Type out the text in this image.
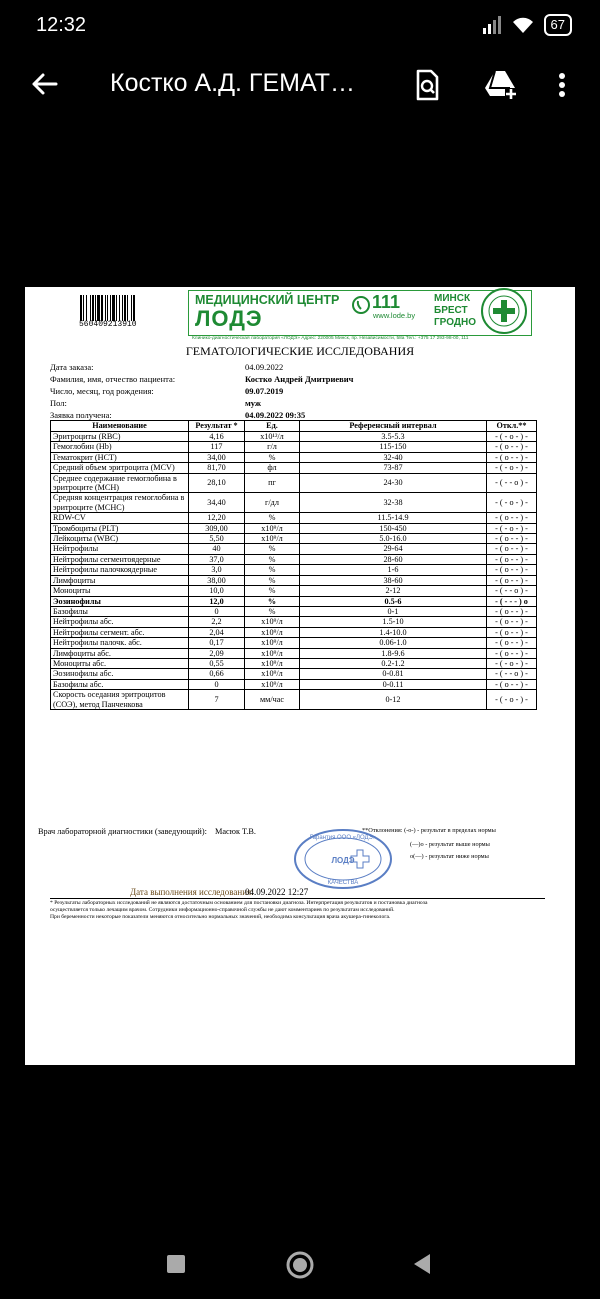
12:32	67
Костко А.Д. ГЕМАТ…
560409213910
МЕДИЦИНСКИЙ ЦЕНТР
ЛОДЭ
111
www.lode.by
МИНСК
БРЕСТ
ГРОДНО
Клинико-диагностическая лаборатория «ЛОДЭ» Адрес: 220005 Минск, пр. Независимости, 58а Тел.: +375 17 293-98-00, 111
ГЕМАТОЛОГИЧЕСКИЕ ИССЛЕДОВАНИЯ
Дата заказа:	04.09.2022
Фамилия, имя, отчество пациента:	Костко Андрей Дмитриевич
Число, месяц, год рождения:	09.07.2019
Пол:	муж
Заявка получена:	04.09.2022 09:35
Наименование	Результат *	Ед.	Референсный интервал	Откл.**
Эритроциты (RBC)	4,16	x10¹²/л	3.5-5.3	- ( - o - ) -
Гемоглобин (Hb)	117	г/л	115-150	- ( o - - ) -
Гематокрит (HCT)	34,00	%	32-40	- ( o - - ) -
Средний объем эритроцита (MCV)	81,70	фл	73-87	- ( - o - ) -
Среднее содержание гемоглобина в эритроците (MCH)	28,10	пг	24-30	- ( - - o ) -
Средняя концентрация гемоглобина в эритроците (MCHC)	34,40	г/дл	32-38	- ( - o - ) -
RDW-CV	12,20	%	11.5-14.9	- ( o - - ) -
Тромбоциты (PLT)	309,00	x10⁹/л	150-450	- ( - o - ) -
Лейкоциты (WBC)	5,50	x10⁹/л	5.0-16.0	- ( o - - ) -
Нейтрофилы	40	%	29-64	- ( o - - ) -
Нейтрофилы сегментоядерные	37,0	%	28-60	- ( o - - ) -
Нейтрофилы палочкоядерные	3,0	%	1-6	- ( o - - ) -
Лимфоциты	38,00	%	38-60	- ( o - - ) -
Моноциты	10,0	%	2-12	- ( - - o ) -
Эозинофилы	12,0	%	0.5-6	- ( - - - ) o
Базофилы	0	%	0-1	- ( o - - ) -
Нейтрофилы абс.	2,2	x10⁹/л	1.5-10	- ( o - - ) -
Нейтрофилы сегмент. абс.	2,04	x10⁹/л	1.4-10.0	- ( o - - ) -
Нейтрофилы палочк. абс.	0,17	x10⁹/л	0.06-1.0	- ( o - - ) -
Лимфоциты абс.	2,09	x10⁹/л	1.8-9.6	- ( o - - ) -
Моноциты абс.	0,55	x10⁹/л	0.2-1.2	- ( - o - ) -
Эозинофилы абс.	0,66	x10⁹/л	0-0.81	- ( - - o ) -
Базофилы абс.	0	x10⁹/л	0-0.11	- ( o - - ) -
Скорость оседания эритроцитов (СОЭ), метод Панченкова	7	мм/час	0-12	- ( - o - ) -
Врач лабораторной диагностики (заведующий): Масюк Т.В.	**Отклонения: (-o-) - результат в пределах нормы
(—)o - результат выше нормы
o(—) - результат ниже нормы
Гарантия ООО «ЛОДЭ»
ЛОДЭ
КАЧЕСТВА
Дата выполнения исследования:
04.09.2022 12:27
* Результаты лабораторных исследований не являются достаточным основанием для постановки диагноза. Интерпретация результатов и постановка диагноза
осуществляется только лечащим врачом. Сотрудники информационно-справочной службы не дают комментариев по результатам исследований.
При беременности некоторые показатели меняются относительно нормальных значений, необходима консультация врача акушера-гинеколога.
